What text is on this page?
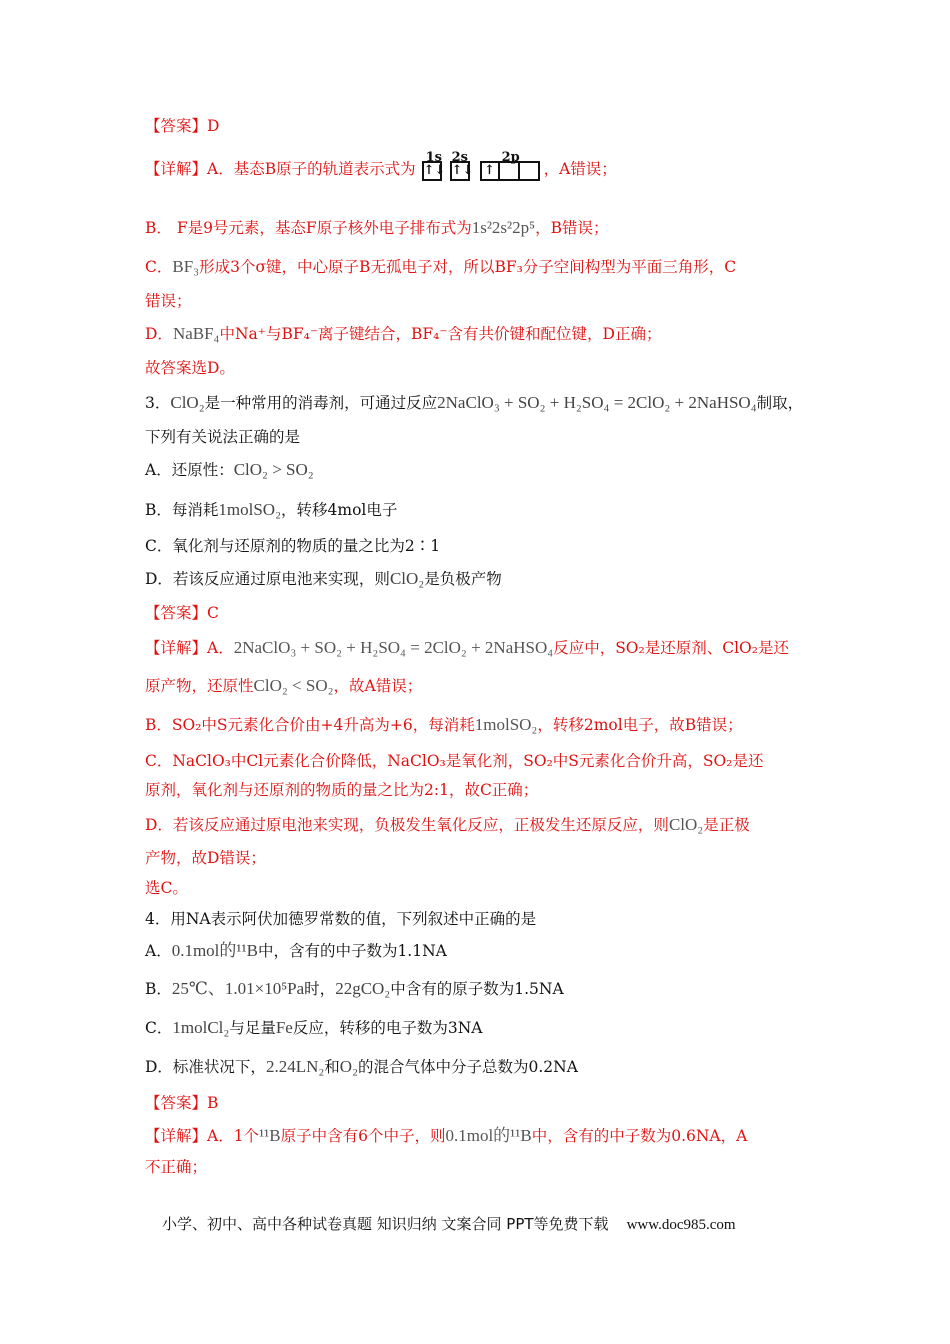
【答案】D
【详解】A．基态B原子的轨道表示式为
1s
↑↓
2s
↑↓
2p
↑	，A错误；
B． F是9号元素，基态F原子核外电子排布式为1s²2s²2p⁵，B错误；
C．BF₃形成3个σ键，中心原子B无孤电子对，所以BF₃分子空间构型为平面三角形，C
错误；
D．NaBF₄中Na⁺与BF₄⁻离子键结合，BF₄⁻含有共价键和配位键，D正确；
故答案选D。
3．ClO₂是一种常用的消毒剂，可通过反应2NaClO₃ + SO₂ + H₂SO₄ = 2ClO₂ + 2NaHSO₄制取，
下列有关说法正确的是
A．还原性：ClO₂ > SO₂
B．每消耗1molSO₂，转移4mol电子
C．氧化剂与还原剂的物质的量之比为2∶1
D．若该反应通过原电池来实现，则ClO₂是负极产物
【答案】C
【详解】A．2NaClO₃ + SO₂ + H₂SO₄ = 2ClO₂ + 2NaHSO₄反应中，SO₂是还原剂、ClO₂是还
原产物，还原性ClO₂ < SO₂，故A错误；
B．SO₂中S元素化合价由+4升高为+6，每消耗1molSO₂，转移2mol电子，故B错误；
C．NaClO₃中Cl元素化合价降低，NaClO₃是氧化剂，SO₂中S元素化合价升高，SO₂是还
原剂，氧化剂与还原剂的物质的量之比为2:1，故C正确；
D．若该反应通过原电池来实现，负极发生氧化反应，正极发生还原反应，则ClO₂是正极
产物，故D错误；
选C。
4．用NA表示阿伏加德罗常数的值，下列叙述中正确的是
A．0.1mol的¹¹B中，含有的中子数为1.1NA
B．25℃、1.01×10⁵Pa时，22gCO₂中含有的原子数为1.5NA
C．1molCl₂与足量Fe反应，转移的电子数为3NA
D．标准状况下，2.24LN₂和O₂的混合气体中分子总数为0.2NA
【答案】B
【详解】A．1个¹¹B原子中含有6个中子，则0.1mol的¹¹B中，含有的中子数为0.6NA，A
不正确；
小学、初中、高中各种试卷真题 知识归纳 文案合同 PPT等免费下载 www.doc985.com
